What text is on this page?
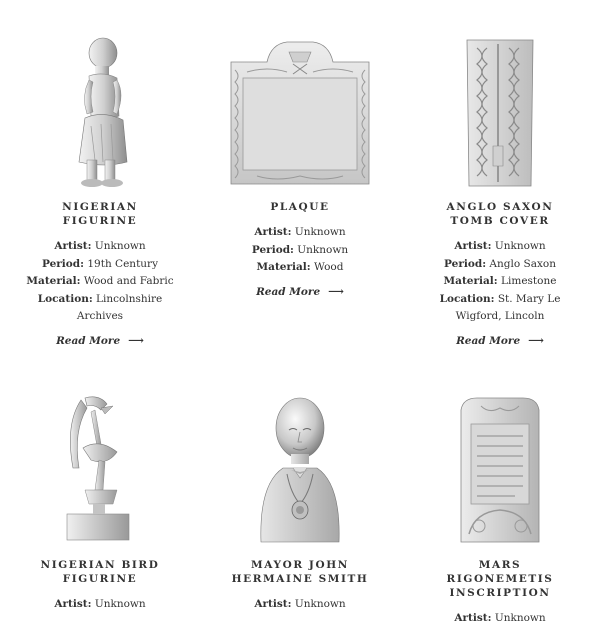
NIGERIAN FIGURINE
Artist: Unknown
Period: 19th Century
Material: Wood and Fabric
Location: Lincolnshire Archives
Read More ⟶
PLAQUE
Artist: Unknown
Period: Unknown
Material: Wood
Read More ⟶
ANGLO SAXON TOMB COVER
Artist: Unknown
Period: Anglo Saxon
Material: Limestone
Location: St. Mary Le Wigford, Lincoln
Read More ⟶
NIGERIAN BIRD FIGURINE
Artist: Unknown
MAYOR JOHN HERMAINE SMITH
Artist: Unknown
MARS RIGONEMETIS INSCRIPTION
Artist: Unknown
